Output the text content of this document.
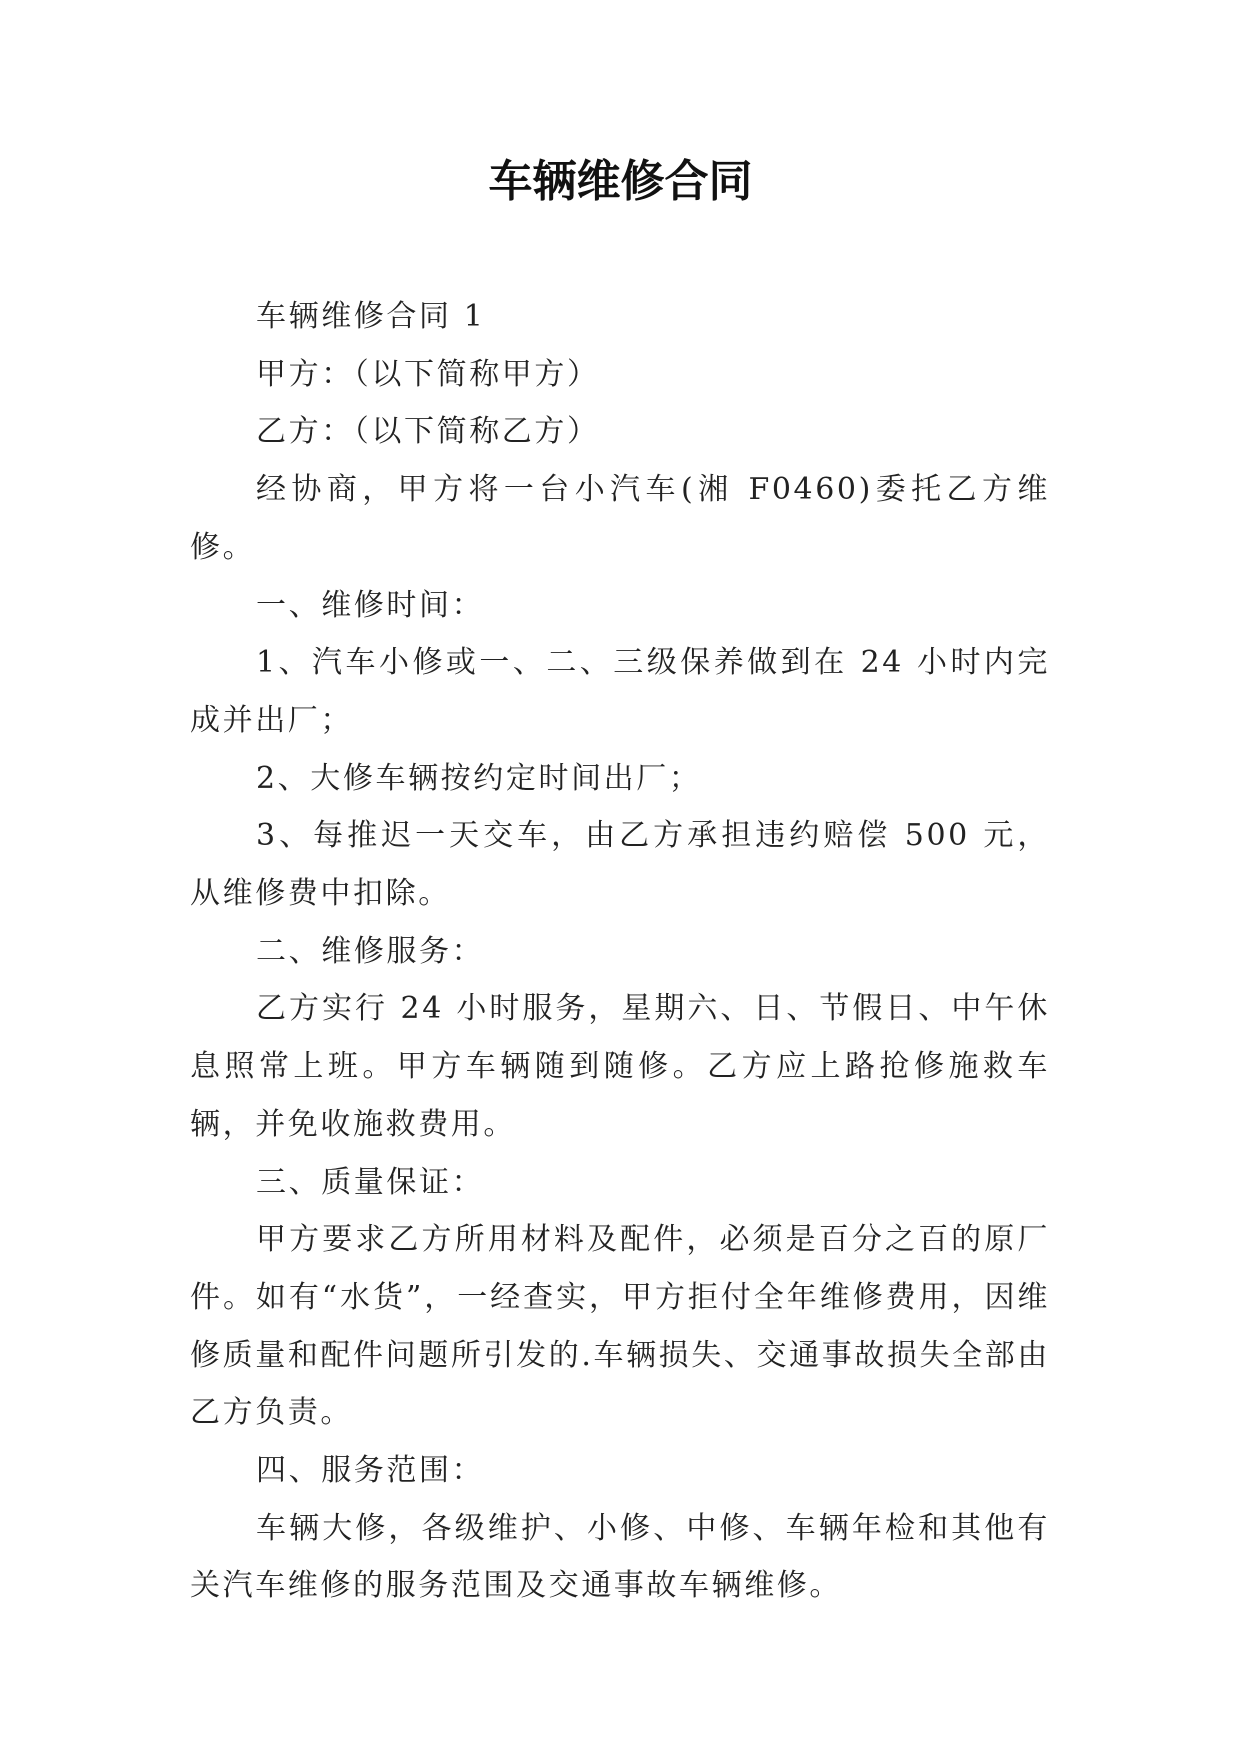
车辆维修合同

车辆维修合同 1

甲方：（以下简称甲方）

乙方：（以下简称乙方）

经协商，甲方将一台小汽车(湘 F0460)委托乙方维修。

一、维修时间：

1、汽车小修或一、二、三级保养做到在 24 小时内完成并出厂；

2、大修车辆按约定时间出厂；

3、每推迟一天交车，由乙方承担违约赔偿 500 元，从维修费中扣除。

二、维修服务：

乙方实行 24 小时服务，星期六、日、节假日、中午休息照常上班。甲方车辆随到随修。乙方应上路抢修施救车辆，并免收施救费用。

三、质量保证：

甲方要求乙方所用材料及配件，必须是百分之百的原厂件。如有“水货”，一经查实，甲方拒付全年维修费用，因维修质量和配件问题所引发的.车辆损失、交通事故损失全部由乙方负责。

四、服务范围：

车辆大修，各级维护、小修、中修、车辆年检和其他有关汽车维修的服务范围及交通事故车辆维修。
